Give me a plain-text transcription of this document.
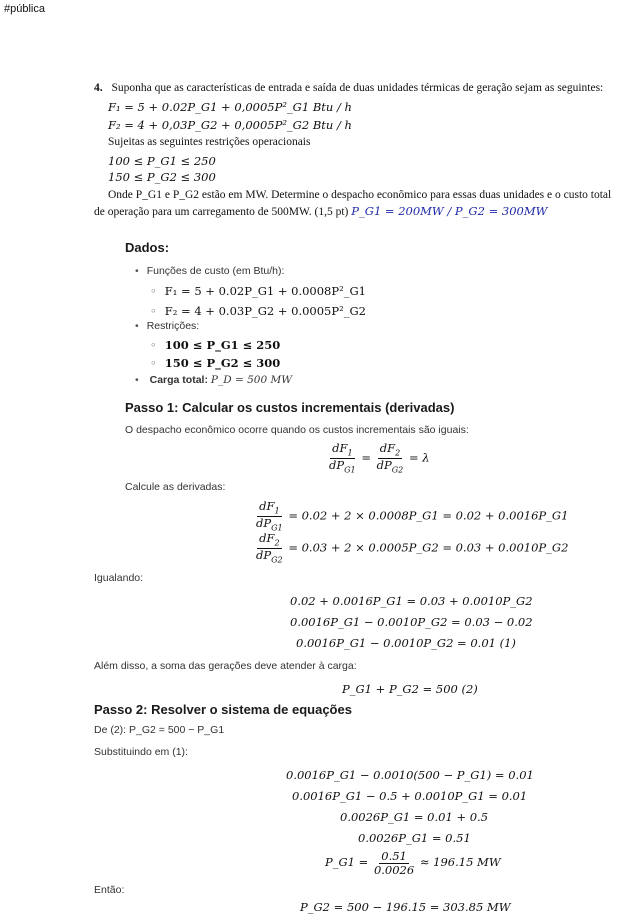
#pública
4. Suponha que as características de entrada e saída de duas unidades térmicas de geração sejam as seguintes:
F₁ = 5 + 0.02P_G1 + 0,0005P²_G1 Btu / h
F₂ = 4 + 0,03P_G2 + 0,0005P²_G2 Btu / h
Sujeitas as seguintes restrições operacionais
100 ≤ P_G1 ≤ 250
150 ≤ P_G2 ≤ 300
Onde P_G1 e P_G2 estão em MW. Determine o despacho econômico para essas duas unidades e o custo total
de operação para um carregamento de 500MW. (1,5 pt) P_G1 = 200MW / P_G2 = 300MW
Dados:
• Funções de custo (em Btu/h):
◦ F₁ = 5 + 0.02P_G1 + 0.0008P²_G1
◦ F₂ = 4 + 0.03P_G2 + 0.0005P²_G2
• Restrições:
◦ 100 ≤ P_G1 ≤ 250
◦ 150 ≤ P_G2 ≤ 300
• Carga total: P_D = 500 MW
Passo 1: Calcular os custos incrementais (derivadas)
O despacho econômico ocorre quando os custos incrementais são iguais:
$\frac{dF_1}{dP_{G1}} = \frac{dF_2}{dP_{G2}} = \lambda$
Calcule as derivadas:
$\frac{dF_1}{dP_{G1}} = 0.02 + 2$ × 0.0008P_G1 = 0.02 + 0.0016P_G1
$\frac{dF_2}{dP_{G2}} = 0.03 + 2$ × 0.0005P_G2 = 0.03 + 0.0010P_G2
Igualando:
0.02 + 0.0016P_G1 = 0.03 + 0.0010P_G2
0.0016P_G1 − 0.0010P_G2 = 0.03 − 0.02
0.0016P_G1 − 0.0010P_G2 = 0.01 (1)
Além disso, a soma das gerações deve atender à carga:
P_G1 + P_G2 = 500 (2)
Passo 2: Resolver o sistema de equações
De (2): P_G2 = 500 − P_G1
Substituindo em (1):
0.0016P_G1 − 0.0010(500 − P_G1) = 0.01
0.0016P_G1 − 0.5 + 0.0010P_G1 = 0.01
0.0026P_G1 = 0.01 + 0.5
0.0026P_G1 = 0.51
P_G1 = $\frac{0.51}{0.0026} \approx 196.15$ MW
Então:
P_G2 = 500 − 196.15 = 303.85 MW
